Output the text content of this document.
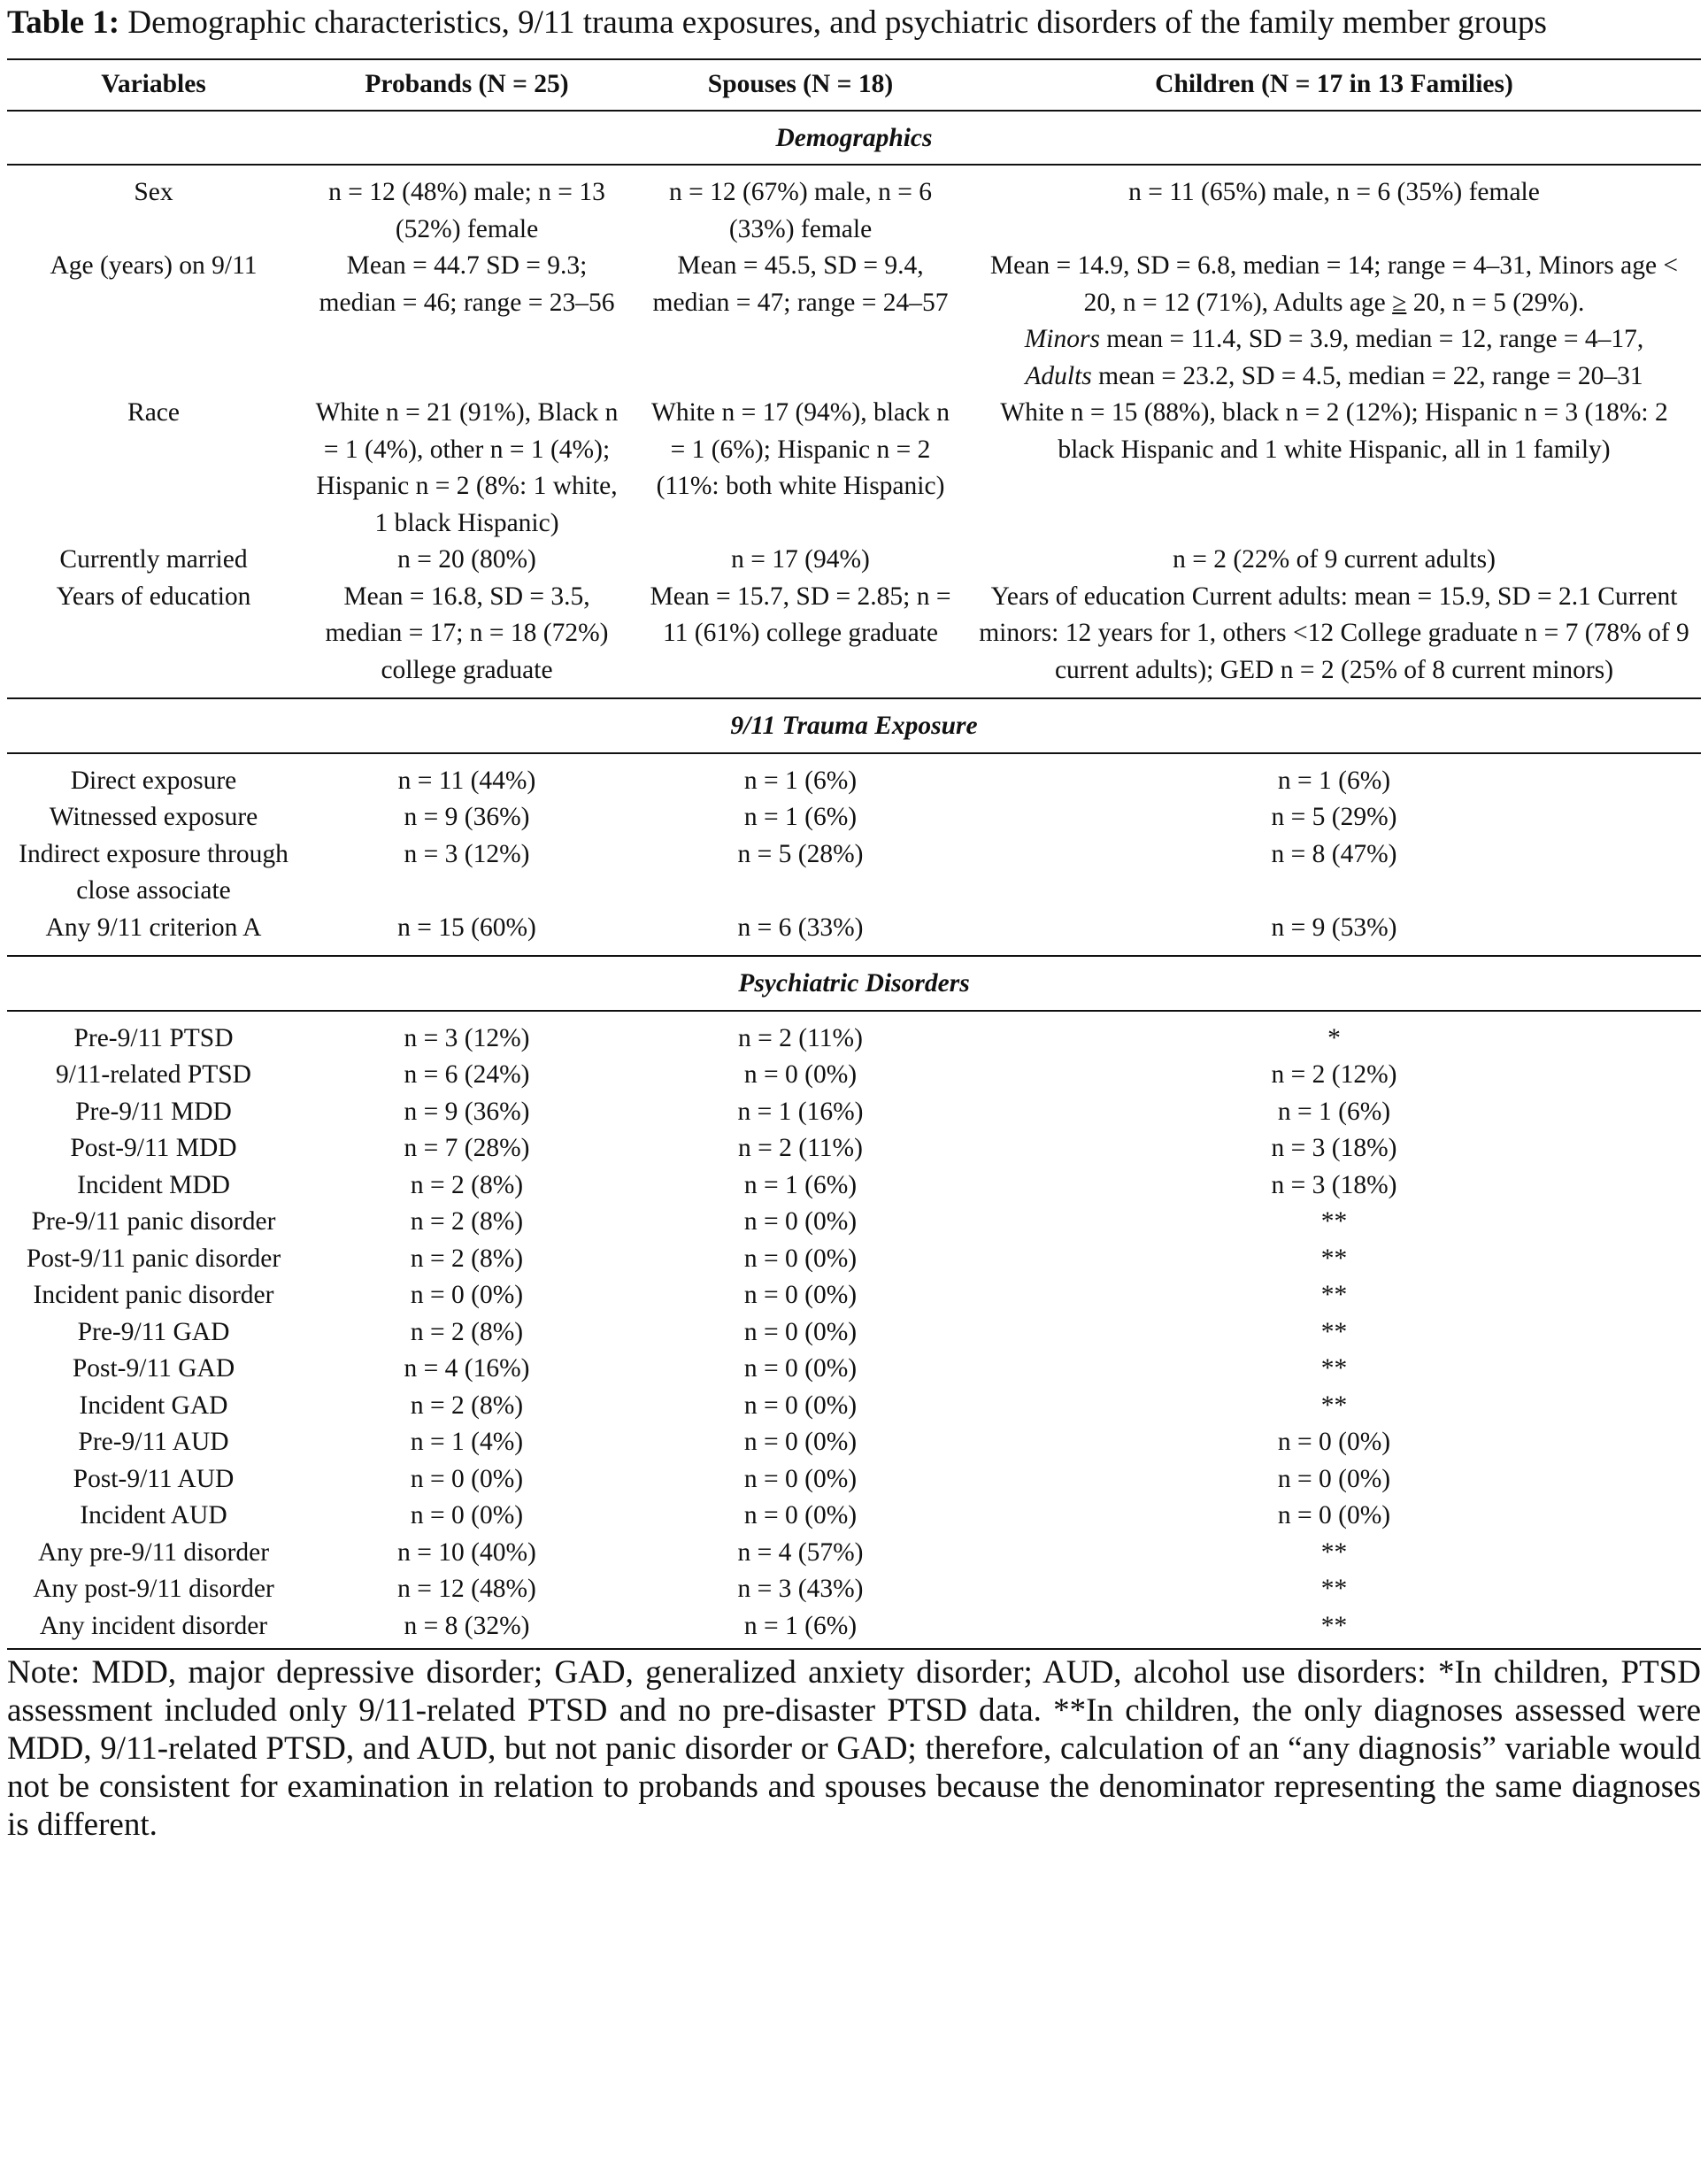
Table 1: Demographic characteristics, 9/11 trauma exposures, and psychiatric disorders of the family member groups
Variables	Probands (N = 25)	Spouses (N = 18)	Children (N = 17 in 13 Families)
Demographics			

Sex	n = 12 (48%) male; n = 13 (52%) female	n = 12 (67%) male, n = 6 (33%) female	n = 11 (65%) male, n = 6 (35%) female
Age (years) on 9/11	Mean = 44.7 SD = 9.3; median = 46; range = 23–56	Mean = 45.5, SD = 9.4, median = 47; range = 24–57	Mean = 14.9, SD = 6.8, median = 14; range = 4–31, Minors age < 20, n = 12 (71%), Adults age ≥ 20, n = 5 (29%).
Minors mean = 11.4, SD = 3.9, median = 12, range = 4–17,
Adults mean = 23.2, SD = 4.5, median = 22, range = 20–31
Race	White n = 21 (91%), Black n = 1 (4%), other n = 1 (4%); Hispanic n = 2 (8%: 1 white, 1 black Hispanic)	White n = 17 (94%), black n = 1 (6%); Hispanic n = 2 (11%: both white Hispanic)	White n = 15 (88%), black n = 2 (12%); Hispanic n = 3 (18%: 2 black Hispanic and 1 white Hispanic, all in 1 family)
Currently married	n = 20 (80%)	n = 17 (94%)	n = 2 (22% of 9 current adults)
Years of education	Mean = 16.8, SD = 3.5, median = 17; n = 18 (72%) college graduate	Mean = 15.7, SD = 2.85; n = 11 (61%) college graduate	Years of education Current adults: mean = 15.9, SD = 2.1 Current minors: 12 years for 1, others <12 College graduate n = 7 (78% of 9 current adults); GED n = 2 (25% of 8 current minors)

9/11 Trauma Exposure			

Direct exposure	n = 11 (44%)	n = 1 (6%)	n = 1 (6%)
Witnessed exposure	n = 9 (36%)	n = 1 (6%)	n = 5 (29%)
Indirect exposure through close associate	n = 3 (12%)	n = 5 (28%)	n = 8 (47%)
Any 9/11 criterion A	n = 15 (60%)	n = 6 (33%)	n = 9 (53%)

Psychiatric Disorders			

Pre-9/11 PTSD	n = 3 (12%)	n = 2 (11%)	*
9/11-related PTSD	n = 6 (24%)	n = 0 (0%)	n = 2 (12%)
Pre-9/11 MDD	n = 9 (36%)	n = 1 (16%)	n = 1 (6%)
Post-9/11 MDD	n = 7 (28%)	n = 2 (11%)	n = 3 (18%)
Incident MDD	n = 2 (8%)	n = 1 (6%)	n = 3 (18%)
Pre-9/11 panic disorder	n = 2 (8%)	n = 0 (0%)	**
Post-9/11 panic disorder	n = 2 (8%)	n = 0 (0%)	**
Incident panic disorder	n = 0 (0%)	n = 0 (0%)	**
Pre-9/11 GAD	n = 2 (8%)	n = 0 (0%)	**
Post-9/11 GAD	n = 4 (16%)	n = 0 (0%)	**
Incident GAD	n = 2 (8%)	n = 0 (0%)	**
Pre-9/11 AUD	n = 1 (4%)	n = 0 (0%)	n = 0 (0%)
Post-9/11 AUD	n = 0 (0%)	n = 0 (0%)	n = 0 (0%)
Incident AUD	n = 0 (0%)	n = 0 (0%)	n = 0 (0%)
Any pre-9/11 disorder	n = 10 (40%)	n = 4 (57%)	**
Any post-9/11 disorder	n = 12 (48%)	n = 3 (43%)	**
Any incident disorder	n = 8 (32%)	n = 1 (6%)	**
Note: MDD, major depressive disorder; GAD, generalized anxiety disorder; AUD, alcohol use disorders: *In children, PTSD assessment included only 9/11-related PTSD and no pre-disaster PTSD data. **In children, the only diagnoses assessed were MDD, 9/11-related PTSD, and AUD, but not panic disorder or GAD; therefore, calculation of an “any diagnosis” variable would not be consistent for examination in relation to probands and spouses because the denominator representing the same diagnoses is different.
